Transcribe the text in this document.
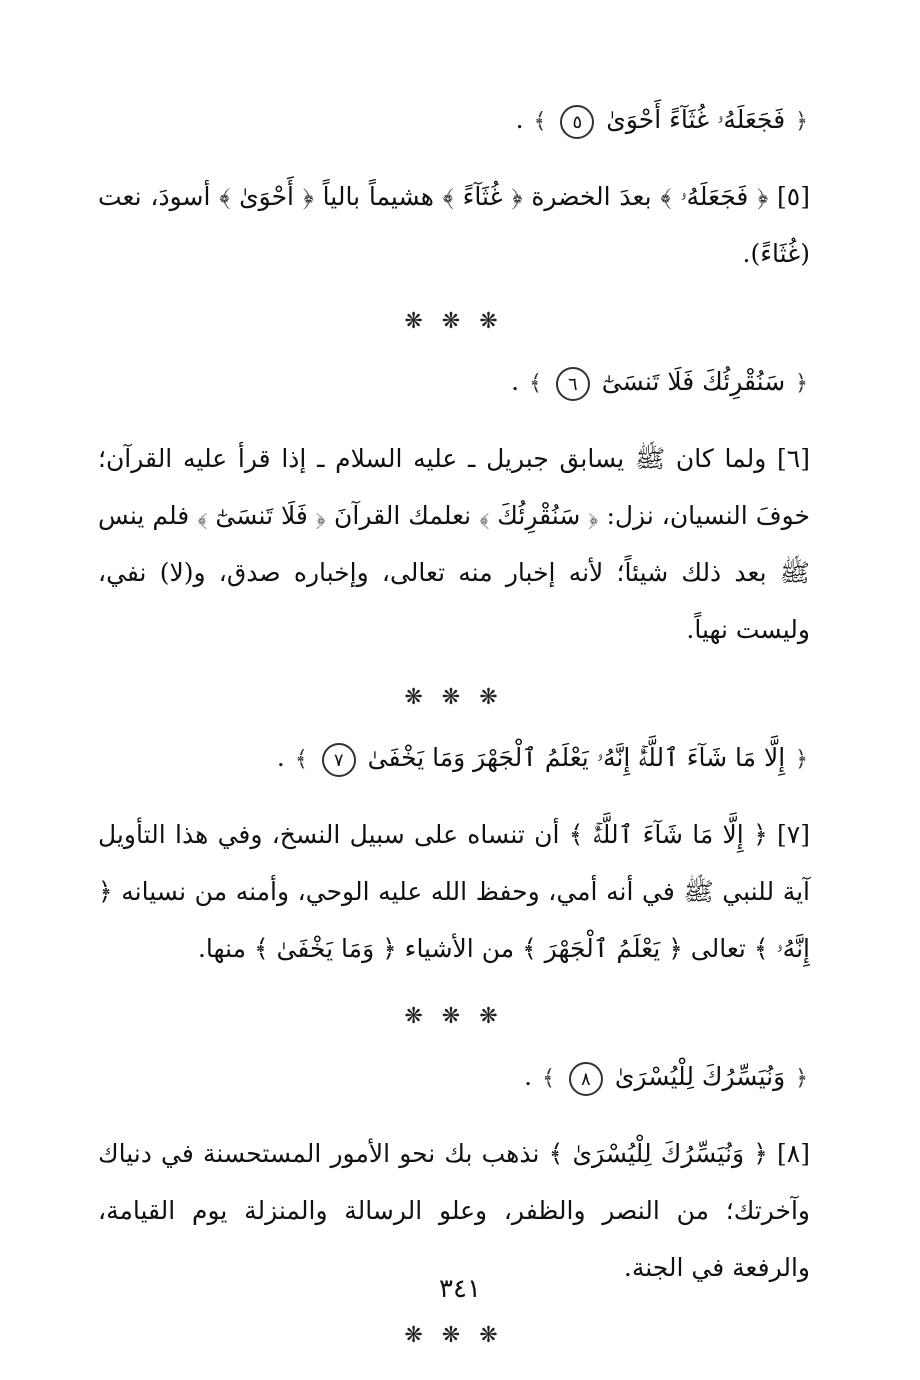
﴿ فَجَعَلَهُۥ غُثَآءً أَحْوَىٰ ٥ ﴾ .

[٥] ﴿ فَجَعَلَهُۥ ﴾ بعدَ الخضرة ﴿ غُثَآءً ﴾ هشيماً بالياً ﴿ أَحْوَىٰ ﴾ أسودَ، نعت (غُثَاءً).

❋ ❋ ❋
﴿ سَنُقْرِئُكَ فَلَا تَنسَىٰٓ ٦ ﴾ .

[٦] ولما كان ﷺ يسابق جبريل ـ عليه السلام ـ إذا قرأ عليه القرآن؛ خوفَ النسيان، نزل: ﴿ سَنُقْرِئُكَ ﴾ نعلمك القرآنَ ﴿ فَلَا تَنسَىٰٓ ﴾ فلم ينس ﷺ بعد ذلك شيئاً؛ لأنه إخبار منه تعالى، وإخباره صدق، و(لا) نفي، وليست نهياً.

❋ ❋ ❋
﴿ إِلَّا مَا شَآءَ ٱللَّهُۚ إِنَّهُۥ يَعْلَمُ ٱلْجَهْرَ وَمَا يَخْفَىٰ ٧ ﴾ .

[٧] ﴿ إِلَّا مَا شَآءَ ٱللَّهُۚ ﴾ أن تنساه على سبيل النسخ، وفي هذا التأويل آية للنبي ﷺ في أنه أمي، وحفظ الله عليه الوحي، وأمنه من نسيانه ﴿ إِنَّهُۥ ﴾ تعالى ﴿ يَعْلَمُ ٱلْجَهْرَ ﴾ من الأشياء ﴿ وَمَا يَخْفَىٰ ﴾ منها.

❋ ❋ ❋
﴿ وَنُيَسِّرُكَ لِلْيُسْرَىٰ ٨ ﴾ .

[٨] ﴿ وَنُيَسِّرُكَ لِلْيُسْرَىٰ ﴾ نذهب بك نحو الأمور المستحسنة في دنياك وآخرتك؛ من النصر والظفر، وعلو الرسالة والمنزلة يوم القيامة، والرفعة في الجنة.

❋ ❋ ❋
٣٤١
